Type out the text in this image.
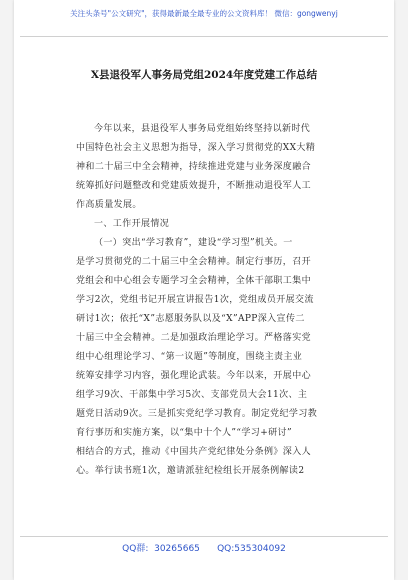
关注头条号"公文研究"，获得最新最全最专业的公文资料库！ 微信：gongwenyj
X县退役军人事务局党组2024年度党建工作总结
今年以来，县退役军人事务局党组始终坚持以新时代
中国特色社会主义思想为指导，深入学习贯彻党的XX大精
神和二十届三中全会精神，持续推进党建与业务深度融合
统筹抓好问题整改和党建质效提升，不断推动退役军人工
作高质量发展。
一、工作开展情况
（一）突出“学习教育”，建设“学习型”机关。一
是学习贯彻党的二十届三中全会精神。制定行事历，召开
党组会和中心组会专题学习全会精神，全体干部职工集中
学习2次，党组书记开展宣讲报告1次，党组成员开展交流
研讨1次；依托“X”志愿服务队以及“X”APP深入宣传二
十届三中全会精神。二是加强政治理论学习。严格落实党
组中心组理论学习、“第一议题”等制度，围绕主责主业
统筹安排学习内容，强化理论武装。今年以来，开展中心
组学习9次、干部集中学习5次、支部党员大会11次、主
题党日活动9次。三是抓实党纪学习教育。制定党纪学习教
育行事历和实施方案，以“集中十个人”“学习+研讨”
相结合的方式，推动《中国共产党纪律处分条例》深入人
心。举行读书班1次，邀请派驻纪检组长开展条例解读2
QQ群:  30265665      QQ:535304092
